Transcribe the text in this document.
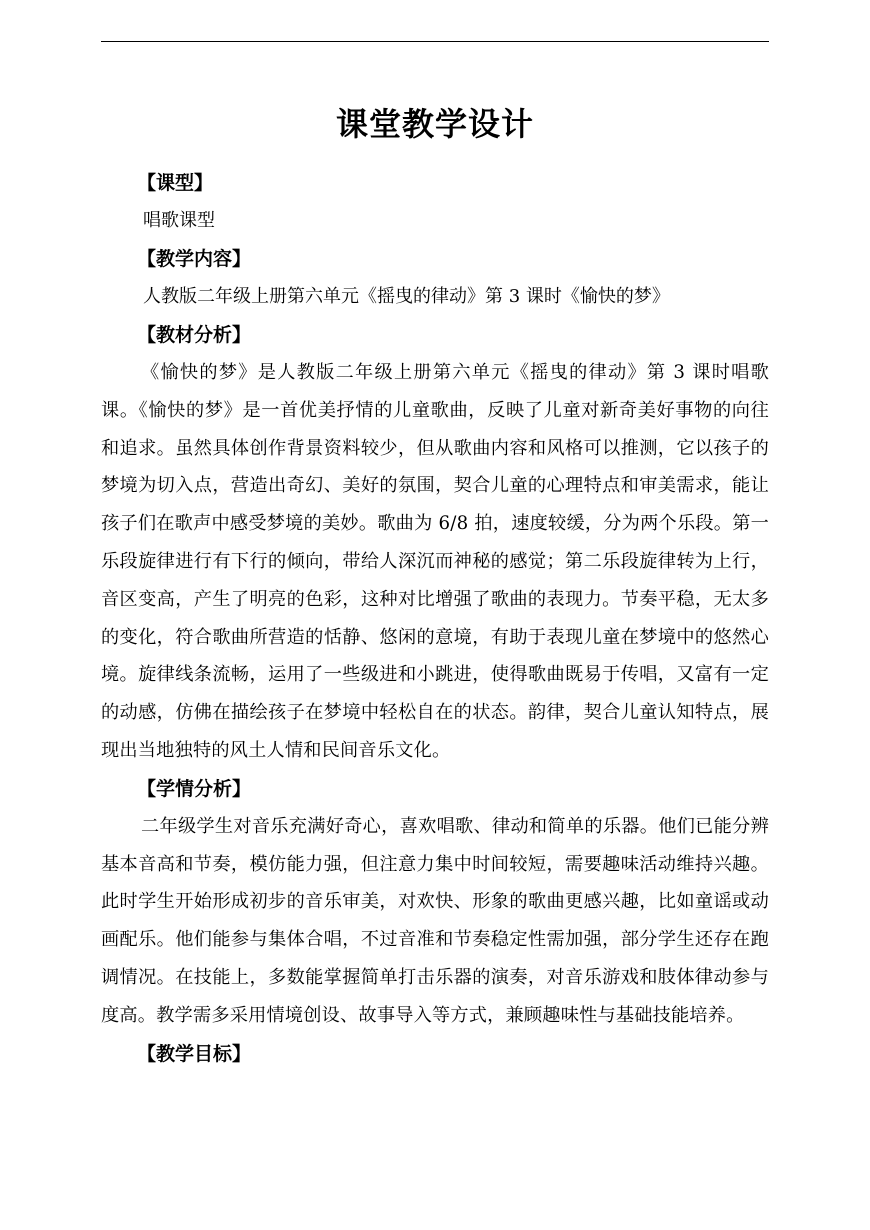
课堂教学设计

【课型】

唱歌课型

【教学内容】

人教版二年级上册第六单元《摇曳的律动》第 3 课时《愉快的梦》

【教材分析】

《愉快的梦》是人教版二年级上册第六单元《摇曳的律动》第 3 课时唱歌课。《愉快的梦》是一首优美抒情的儿童歌曲，反映了儿童对新奇美好事物的向往和追求。虽然具体创作背景资料较少，但从歌曲内容和风格可以推测，它以孩子的梦境为切入点，营造出奇幻、美好的氛围，契合儿童的心理特点和审美需求，能让孩子们在歌声中感受梦境的美妙。歌曲为 6/8 拍，速度较缓，分为两个乐段。第一乐段旋律进行有下行的倾向，带给人深沉而神秘的感觉；第二乐段旋律转为上行，音区变高，产生了明亮的色彩，这种对比增强了歌曲的表现力。节奏平稳，无太多的变化，符合歌曲所营造的恬静、悠闲的意境，有助于表现儿童在梦境中的悠然心境。旋律线条流畅，运用了一些级进和小跳进，使得歌曲既易于传唱，又富有一定的动感，仿佛在描绘孩子在梦境中轻松自在的状态。韵律，契合儿童认知特点，展现出当地独特的风土人情和民间音乐文化。

【学情分析】

二年级学生对音乐充满好奇心，喜欢唱歌、律动和简单的乐器。他们已能分辨基本音高和节奏，模仿能力强，但注意力集中时间较短，需要趣味活动维持兴趣。此时学生开始形成初步的音乐审美，对欢快、形象的歌曲更感兴趣，比如童谣或动画配乐。他们能参与集体合唱，不过音准和节奏稳定性需加强，部分学生还存在跑调情况。在技能上，多数能掌握简单打击乐器的演奏，对音乐游戏和肢体律动参与度高。教学需多采用情境创设、故事导入等方式，兼顾趣味性与基础技能培养。

【教学目标】
